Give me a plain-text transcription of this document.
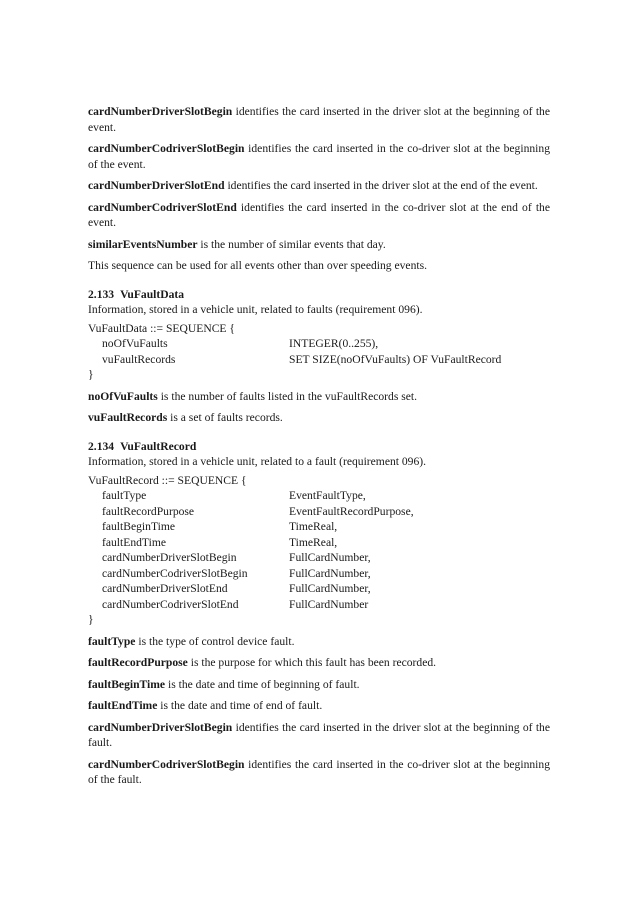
cardNumberDriverSlotBegin identifies the card inserted in the driver slot at the beginning of the event.

cardNumberCodriverSlotBegin identifies the card inserted in the co-driver slot at the beginning of the event.

cardNumberDriverSlotEnd identifies the card inserted in the driver slot at the end of the event.

cardNumberCodriverSlotEnd identifies the card inserted in the co-driver slot at the end of the event.

similarEventsNumber is the number of similar events that day.

This sequence can be used for all events other than over speeding events.

2.133 VuFaultData

Information, stored in a vehicle unit, related to faults (requirement 096).

VuFaultData ::= SEQUENCE {

noOfVuFaults	INTEGER(0..255),
vuFaultRecords	SET SIZE(noOfVuFaults) OF VuFaultRecord

}

noOfVuFaults is the number of faults listed in the vuFaultRecords set.

vuFaultRecords is a set of faults records.

2.134 VuFaultRecord

Information, stored in a vehicle unit, related to a fault (requirement 096).

VuFaultRecord ::= SEQUENCE {

faultType	EventFaultType,
faultRecordPurpose	EventFaultRecordPurpose,
faultBeginTime	TimeReal,
faultEndTime	TimeReal,
cardNumberDriverSlotBegin	FullCardNumber,
cardNumberCodriverSlotBegin	FullCardNumber,
cardNumberDriverSlotEnd	FullCardNumber,
cardNumberCodriverSlotEnd	FullCardNumber

}

faultType is the type of control device fault.

faultRecordPurpose is the purpose for which this fault has been recorded.

faultBeginTime is the date and time of beginning of fault.

faultEndTime is the date and time of end of fault.

cardNumberDriverSlotBegin identifies the card inserted in the driver slot at the beginning of the fault.

cardNumberCodriverSlotBegin identifies the card inserted in the co-driver slot at the beginning of the fault.
